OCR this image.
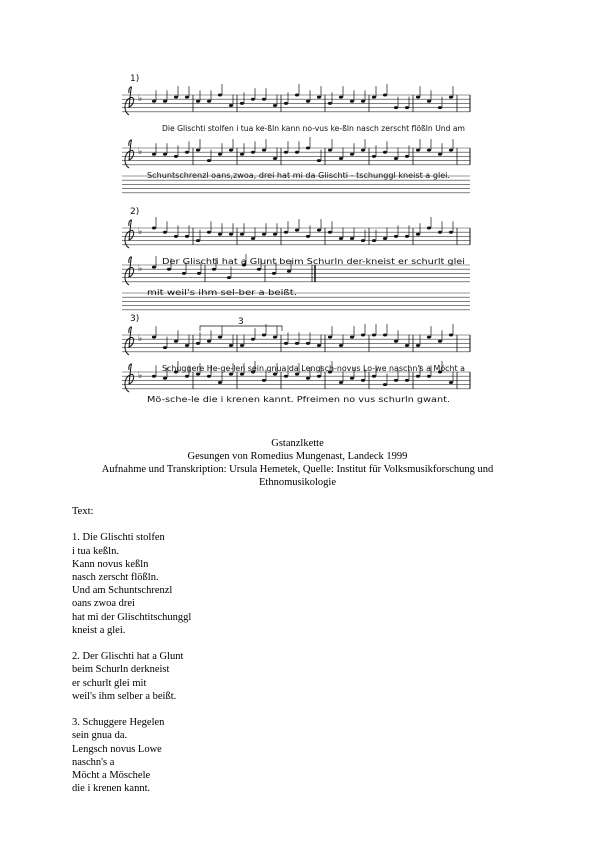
1)
♭
♭
Die Glischti stolfen i tua ke-ßln kann no-vus ke-ßln nasch zerscht flößln Und am
Schuntschrenzl oans,zwoa, drei hat mi da Glischti - tschunggl kneist a glei.
2)
♭
♭
Der Glischti hat a Glunt beim Schurln der-kneist er schurlt glei
mit weil's ihm sel-ber a beißt.
3)
♭
♭
Schuggere He-ge-len sein gnua da Lengsch-novus Lo-we naschn's a Möcht a
Mö-sche-le die i krenen kannt. Pfreimen no vus schurln gwant.
3
Gstanzlkette
Gesungen von Romedius Mungenast, Landeck 1999
Aufnahme und Transkription: Ursula Hemetek, Quelle: Institut für Volksmusikforschung und
Ethnomusikologie
Text:
1. Die Glischti stolfen
i tua keßln.
Kann novus keßln
nasch zerscht flößln.
Und am Schuntschrenzl
oans zwoa drei
hat mi der Glischtitschunggl
kneist a glei.
2. Der Glischti hat a Glunt
beim Schurln derkneist
er schurlt glei mit
weil's ihm selber a beißt.
3. Schuggere Hegelen
sein gnua da.
Lengsch novus Lowe
naschn's a
Möcht a Möschele
die i krenen kannt.
